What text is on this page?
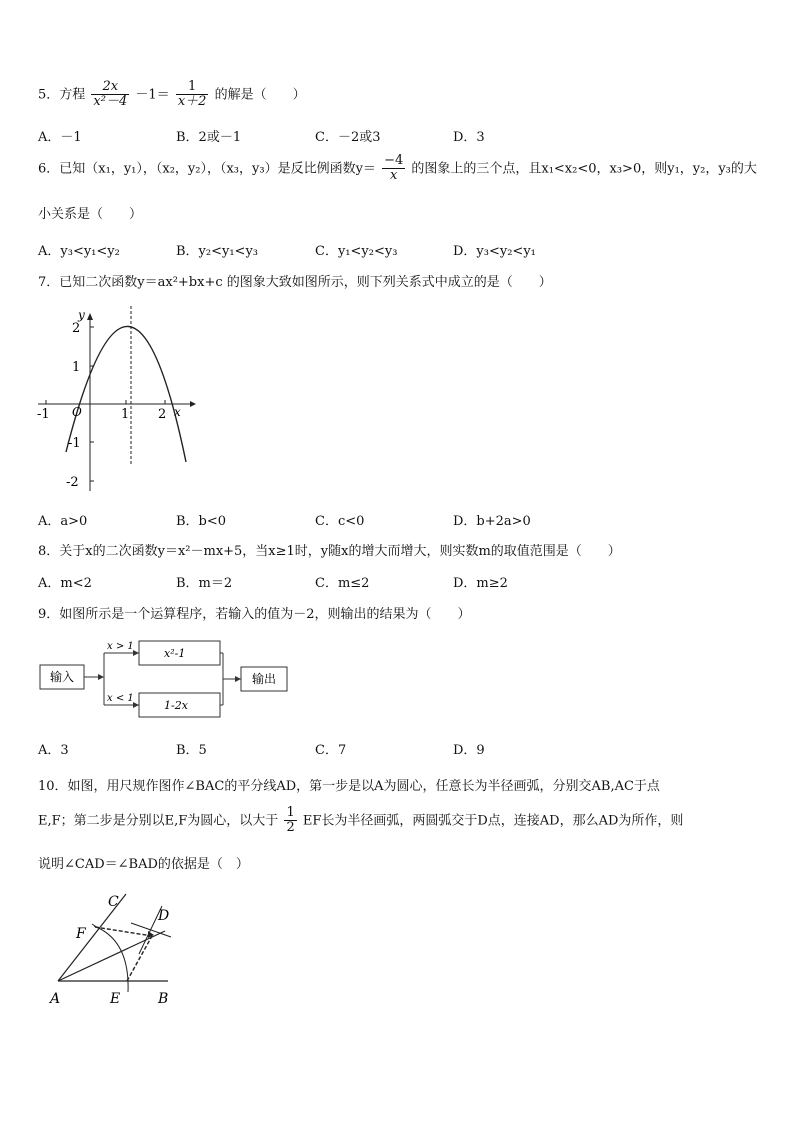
5．方程 $\frac{2x}{\text{x²－4}} -1= \frac{1}{x+2}$ 的解是（　　）
A．－1	B．2或－1	C．－2或3	D．3
6．已知（x₁，y₁），（x₂，y₂），（x₃，y₃）是反比例函数$y= \frac{-4}{x}$ 的图象上的三个点，且x₁<x₂<0，x₃>0，则y₁，y₂，y₃的大
小关系是（　　）
A．y₃<y₁<y₂	B．y₂<y₁<y₃	C．y₁<y₂<y₃	D．y₃<y₂<y₁
7．已知二次函数y＝ax²+bx+c 的图象大致如图所示，则下列关系式中成立的是（　　）
y
x
O
2
1
-1
-2
-1	1 2
A．a>0	B．b<0	C．c<0	D．b+2a>0
8．关于x的二次函数y＝x²－mx+5，当x≥1时，y随x的增大而增大，则实数m的取值范围是（　　）
A．m<2	B．m＝2	C．m≤2	D．m≥2
9．如图所示是一个运算程序，若输入的值为－2，则输出的结果为（　　）
输入
x > 1
x < 1
x²-1
1-2x
输出
A．3	B．5	C．7	D．9
10．如图，用尺规作图作∠BAC的平分线AD，第一步是以A为圆心，任意长为半径画弧，分别交AB,AC于点
E,F；第二步是分别以E,F为圆心，以大于 $\frac{1}{2}$ EF长为半径画弧，两圆弧交于D点，连接AD，那么AD为所作，则
说明∠CAD＝∠BAD的依据是（　）
A	B
C
D
E
F
